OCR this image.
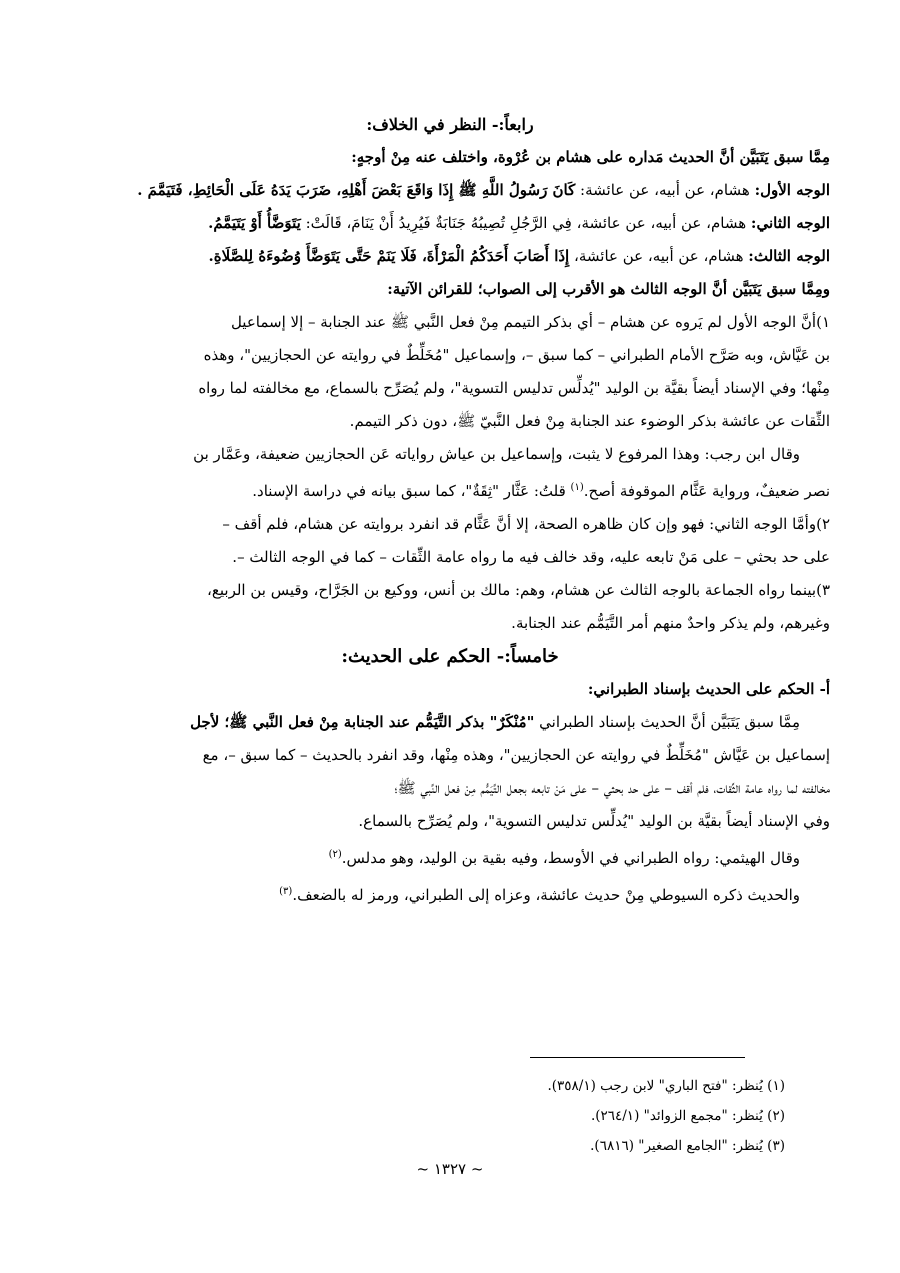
رابعاً:- النظر في الخلاف:

مِمَّا سبق يَتَبَيَّن أنَّ الحديث مَداره على هشام بن عُرْوة، واختلف عنه مِنْ أوجهٍ:

الوجه الأول: هشام، عن أبيه، عن عائشة: كَانَ رَسُولُ اللَّهِ ﷺ إِذَا وَاقَعَ بَعْضَ أَهْلِهِ، ضَرَبَ يَدَهُ عَلَى الْحَائِطِ، فَتَيَمَّمَ .

الوجه الثاني: هشام، عن أبيه، عن عائشة، فِي الرَّجُلِ تُصِيبُهُ جَنَابَةٌ فَيُرِيدُ أَنْ يَنَامَ، قَالَتْ: يَتَوَضَّأُ أَوْ يَتَيَمَّمُ.

الوجه الثالث: هشام، عن أبيه، عن عائشة، إِذَا أَصَابَ أَحَدَكُمُ الْمَرْأَةَ، فَلَا يَنَمْ حَتَّى يَتَوَضَّأَ وُضُوءَهُ لِلصَّلَاةِ.

ومِمَّا سبق يَتَبَيَّن أنَّ الوجه الثالث هو الأقرب إلى الصواب؛ للقرائن الآتية:

١)أنَّ الوجه الأول لم يَروه عن هشام – أي بذكر التيمم مِنْ فعل النَّبي ﷺ عند الجنابة – إلا إسماعيل

بن عَيَّاش، وبه صَرَّح الأمام الطبراني – كما سبق –، وإسماعيل "مُخَلِّطٌ في روايته عن الحجازيين"، وهذه

مِنْها؛ وفي الإسناد أيضاً بقيَّة بن الوليد "يُدلِّس تدليس التسوية"، ولم يُصَرِّح بالسماع، مع مخالفته لما رواه

الثِّقات عن عائشة بذكر الوضوء عند الجنابة مِنْ فعل النَّبيّ ﷺ، دون ذكر التيمم.

وقال ابن رجب: وهذا المرفوع لا يثبت، وإسماعيل بن عياش رواياته عَن الحجازيين ضعيفة، وعَمَّار بن

نصر ضعيفٌ، ورواية عَثَّام الموقوفة أصح.$^{(١)}$ قلتُ: عَثَّار "ثِقَةٌ"، كما سبق بيانه في دراسة الإسناد.

٢)وأمَّا الوجه الثاني: فهو وإن كان ظاهره الصحة، إلا أنَّ عَثَّام قد انفرد بروايته عن هشام، فلم أقف –

على حد بحثي – على مَنْ تابعه عليه، وقد خالف فيه ما رواه عامة الثِّقات – كما في الوجه الثالث –.

٣)بينما رواه الجماعة بالوجه الثالث عن هشام، وهم: مالك بن أنس، ووكيع بن الجَرَّاح، وقيس بن الربيع،

وغيرهم، ولم يذكر واحدٌ منهم أمر التَّيَمُّم عند الجنابة.

خامساً:- الحكم على الحديث:

أ- الحكم على الحديث بإسناد الطبراني:

مِمَّا سبق يَتَبَيَّن أنَّ الحديث بإسناد الطبراني "مُنْكَرٌ" بذكر التَّيَمُّم عند الجنابة مِنْ فعل النَّبي ﷺ؛ لأجل

إسماعيل بن عَيَّاش "مُخَلِّطٌ في روايته عن الحجازيين"، وهذه مِنْها، وقد انفرد بالحديث – كما سبق –، مع

مخالفته لما رواه عامة الثِّقات، فلم أقف – على حد بحثي – على مَنْ تابعه بجعل التَّيَمُّم مِنْ فعل النَّبي ﷺ؛

وفي الإسناد أيضاً بقيَّة بن الوليد "يُدلِّس تدليس التسوية"، ولم يُصَرِّح بالسماع.

وقال الهيثمي: رواه الطبراني في الأوسط، وفيه بقية بن الوليد، وهو مدلس.$^{(٢)}$

والحديث ذكره السيوطي مِنْ حديث عائشة، وعزاه إلى الطبراني، ورمز له بالضعف.$^{(٣)}$

(١) يُنظر: "فتح الباري" لابن رجب (٣٥٨/١).
(٢) يُنظر: "مجمع الزوائد" (٢٦٤/١).
(٣) يُنظر: "الجامع الصغير" (٦٨١٦).
~ ١٣٢٧ ~
